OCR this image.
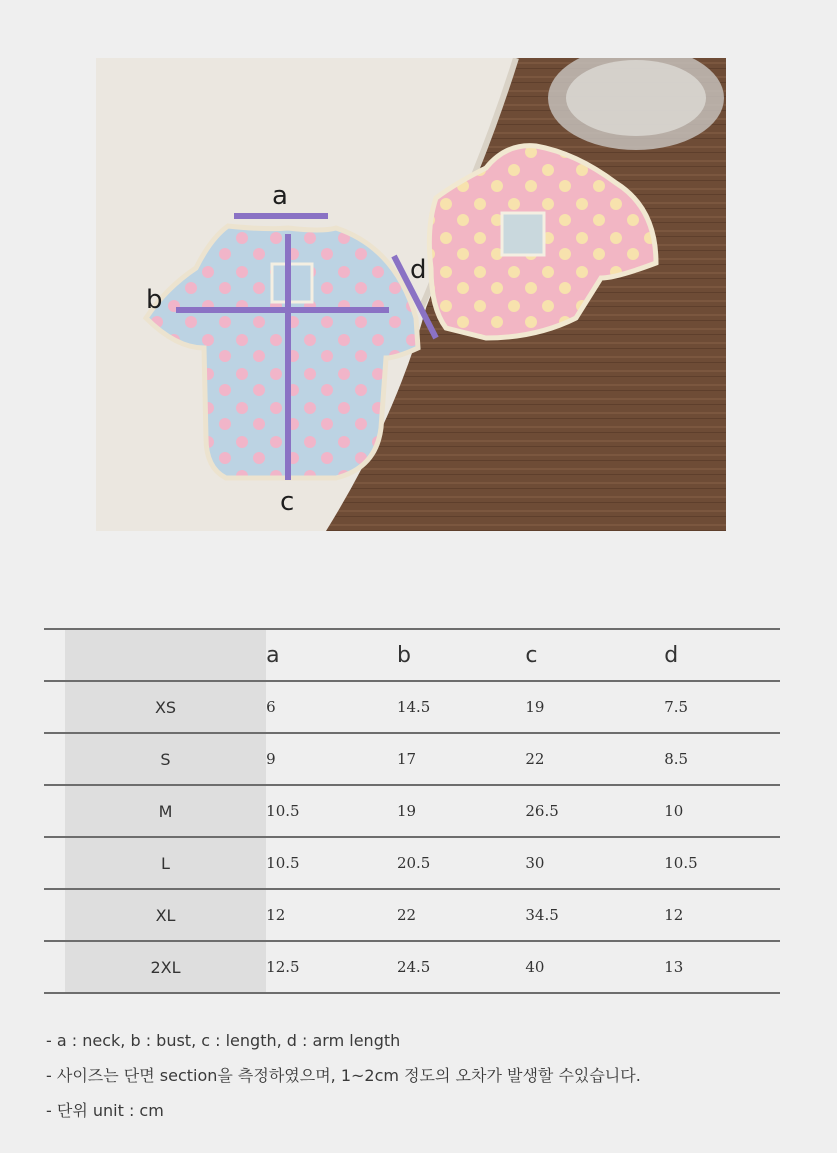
a
b
c
d
		a	b	c	d
	XS	6	14.5	19	7.5
	S	9	17	22	8.5
	M	10.5	19	26.5	10
	L	10.5	20.5	30	10.5
	XL	12	22	34.5	12
	2XL	12.5	24.5	40	13
- a : neck, b : bust, c : length, d : arm length
- 사이즈는 단면 section을 측정하였으며, 1~2cm 정도의 오차가 발생할 수있습니다.
- 단위 unit : cm
